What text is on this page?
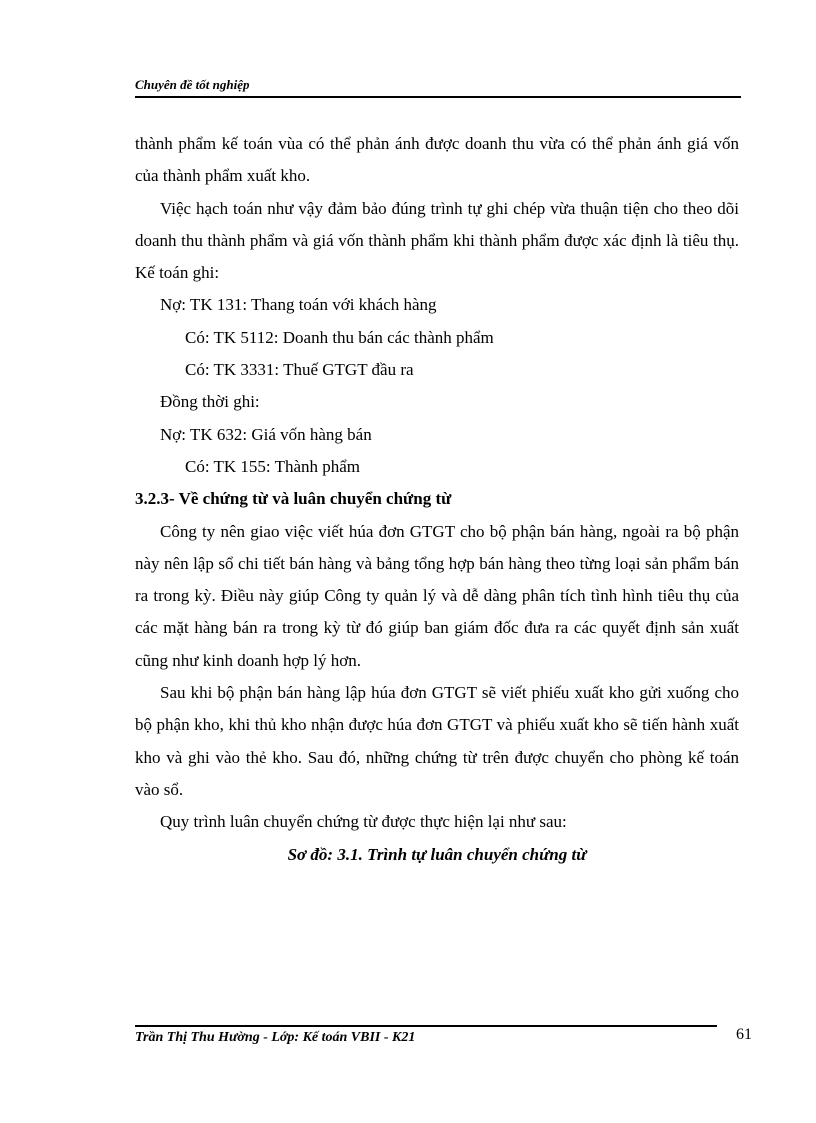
Chuyên đề tốt nghiệp

thành phẩm kế toán vùa có thể phản ánh được doanh thu vừa có thể phản ánh giá vốn của thành phẩm xuất kho.

Việc hạch toán như vậy đảm bảo đúng trình tự ghi chép vừa thuận tiện cho theo dõi doanh thu thành phẩm và giá vốn thành phẩm khi thành phẩm được xác định là tiêu thụ. Kế toán ghi:

Nợ: TK 131: Thang toán với khách hàng

Có: TK 5112: Doanh thu bán các thành phẩm

Có: TK 3331: Thuế GTGT đầu ra

Đồng thời ghi:

Nợ: TK 632: Giá vốn hàng bán

Có: TK 155: Thành phẩm

3.2.3- Về chứng từ và luân chuyển chứng từ

Công ty nên giao việc viết húa đơn GTGT cho bộ phận bán hàng, ngoài ra bộ phận này nên lập sổ chi tiết bán hàng và bảng tổng hợp bán hàng theo từng loại sản phẩm bán ra trong kỳ. Điều này giúp Công ty quản lý và dễ dàng phân tích tình hình tiêu thụ của các mặt hàng bán ra trong kỳ từ đó giúp ban giám đốc đưa ra các quyết định sản xuất cũng như kinh doanh hợp lý hơn.

Sau khi bộ phận bán hàng lập húa đơn GTGT sẽ viết phiếu xuất kho gửi xuống cho bộ phận kho, khi thủ kho nhận được húa đơn GTGT và phiếu xuất kho sẽ tiến hành xuất kho và ghi vào thẻ kho. Sau đó, những chứng từ trên được chuyển cho phòng kế toán vào sổ.

Quy trình luân chuyển chứng từ được thực hiện lại như sau:

Sơ đồ: 3.1. Trình tự luân chuyển chứng từ

Trần Thị Thu Hường - Lớp: Kế toán VBII - K21	61
